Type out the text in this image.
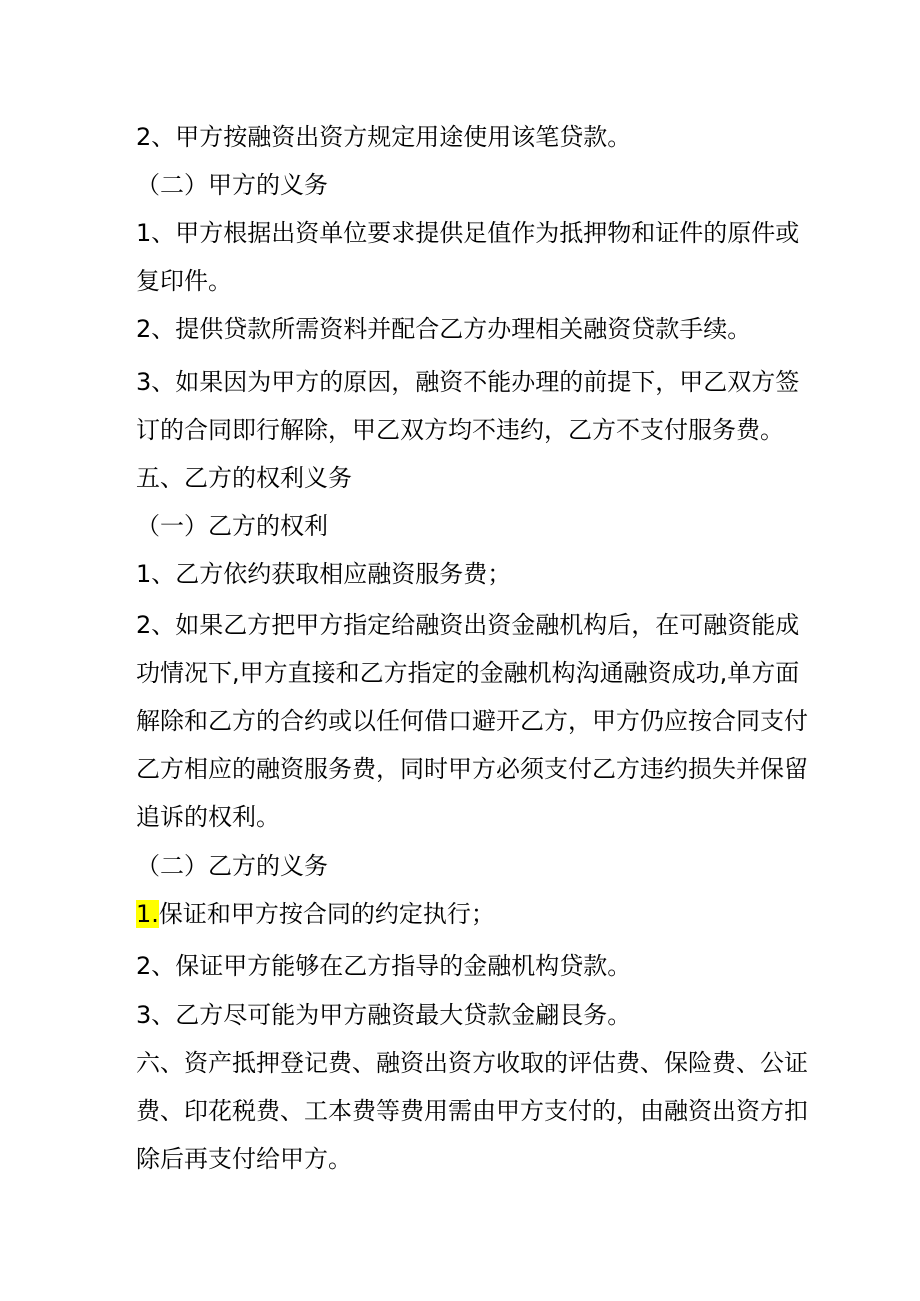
2、甲方按融资出资方规定用途使用该笔贷款。

（二）甲方的义务

1、甲方根据出资单位要求提供足值作为抵押物和证件的原件或

复印件。

2、提供贷款所需资料并配合乙方办理相关融资贷款手续。

3、如果因为甲方的原因，融资不能办理的前提下，甲乙双方签

订的合同即行解除，甲乙双方均不违约，乙方不支付服务费。

五、乙方的权利义务

（一）乙方的权利

1、乙方依约获取相应融资服务费；

2、如果乙方把甲方指定给融资出资金融机构后，在可融资能成

功情况下,甲方直接和乙方指定的金融机构沟通融资成功,单方面

解除和乙方的合约或以任何借口避开乙方，甲方仍应按合同支付

乙方相应的融资服务费，同时甲方必须支付乙方违约损失并保留

追诉的权利。

（二）乙方的义务

1.保证和甲方按合同的约定执行；

2、保证甲方能够在乙方指导的金融机构贷款。

3、乙方尽可能为甲方融资最大贷款金翩艮务。

六、资产抵押登记费、融资出资方收取的评估费、保险费、公证

费、印花税费、工本费等费用需由甲方支付的，由融资出资方扣

除后再支付给甲方。
